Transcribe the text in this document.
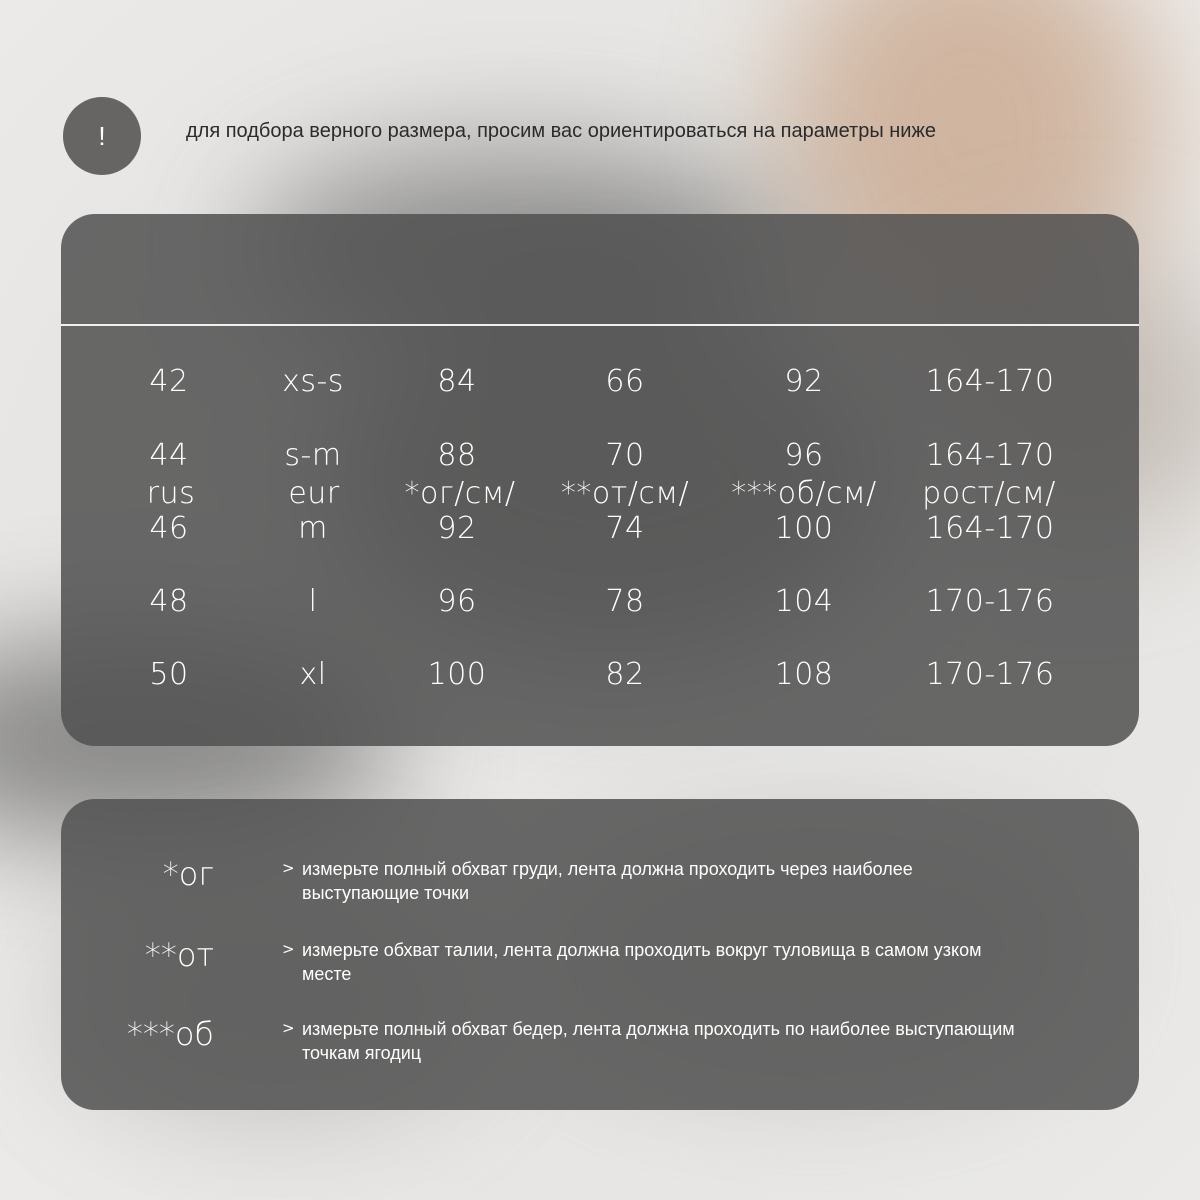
!	для подбора верного размера, просим вас ориентироваться на параметры ниже
rus	eur *ог/см/ **от/см/ ***об/см/ рост/см/
42	xs-s	84	66	92	164-170
44	s-m	88	70	96	164-170
46	m	92	74	100	164-170
48	l	96	78	104	170-176
50	xl	100	82	108	170-176
*ог	> измерьте полный обхват груди, лента должна проходить через наиболее выступающие точки
**от	> измерьте обхват талии, лента должна проходить вокруг туловища в самом узком месте
***об	> измерьте полный обхват бедер, лента должна проходить по наиболее выступающим точкам ягодиц
